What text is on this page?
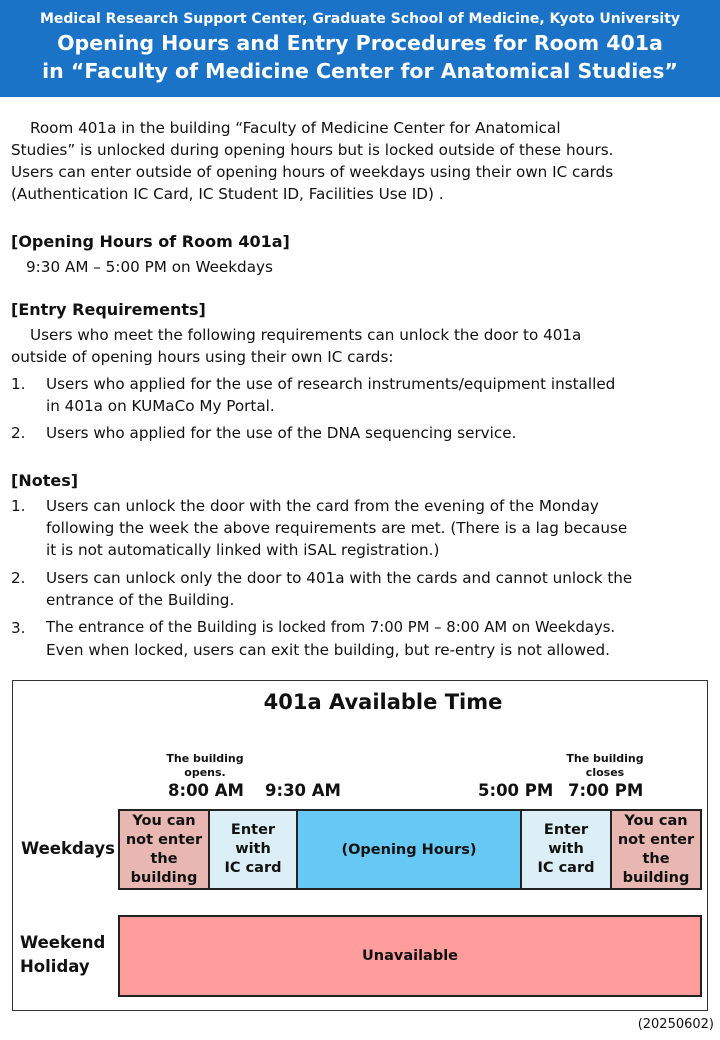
Medical Research Support Center, Graduate School of Medicine, Kyoto University
Opening Hours and Entry Procedures for Room 401a
in “Faculty of Medicine Center for Anatomical Studies”
Room 401a in the building “Faculty of Medicine Center for Anatomical
Studies” is unlocked during opening hours but is locked outside of these hours.
Users can enter outside of opening hours of weekdays using their own IC cards
(Authentication IC Card, IC Student ID, Facilities Use ID) .
[Opening Hours of Room 401a]
9:30 AM – 5:00 PM on Weekdays
[Entry Requirements]
Users who meet the following requirements can unlock the door to 401a
outside of opening hours using their own IC cards:
1. Users who applied for the use of research instruments/equipment installed
in 401a on KUMaCo My Portal.
2. Users who applied for the use of the DNA sequencing service.
[Notes]
1. Users can unlock the door with the card from the evening of the Monday
following the week the above requirements are met. (There is a lag because
it is not automatically linked with iSAL registration.)
2. Users can unlock only the door to 401a with the cards and cannot unlock the
entrance of the Building.
3. The entrance of the Building is locked from 7:00 PM – 8:00 AM on Weekdays.
Even when locked, users can exit the building, but re-entry is not allowed.
401a Available Time
The building
opens.
The building
closes
8:00 AM 9:30 AM	5:00 PM 7:00 PM
Weekdays
Weekend
Holiday
You can
not enter
the
building
Enter
with
IC card
(Opening Hours)
Enter
with
IC card
You can
not enter
the
building
Unavailable
(20250602)
